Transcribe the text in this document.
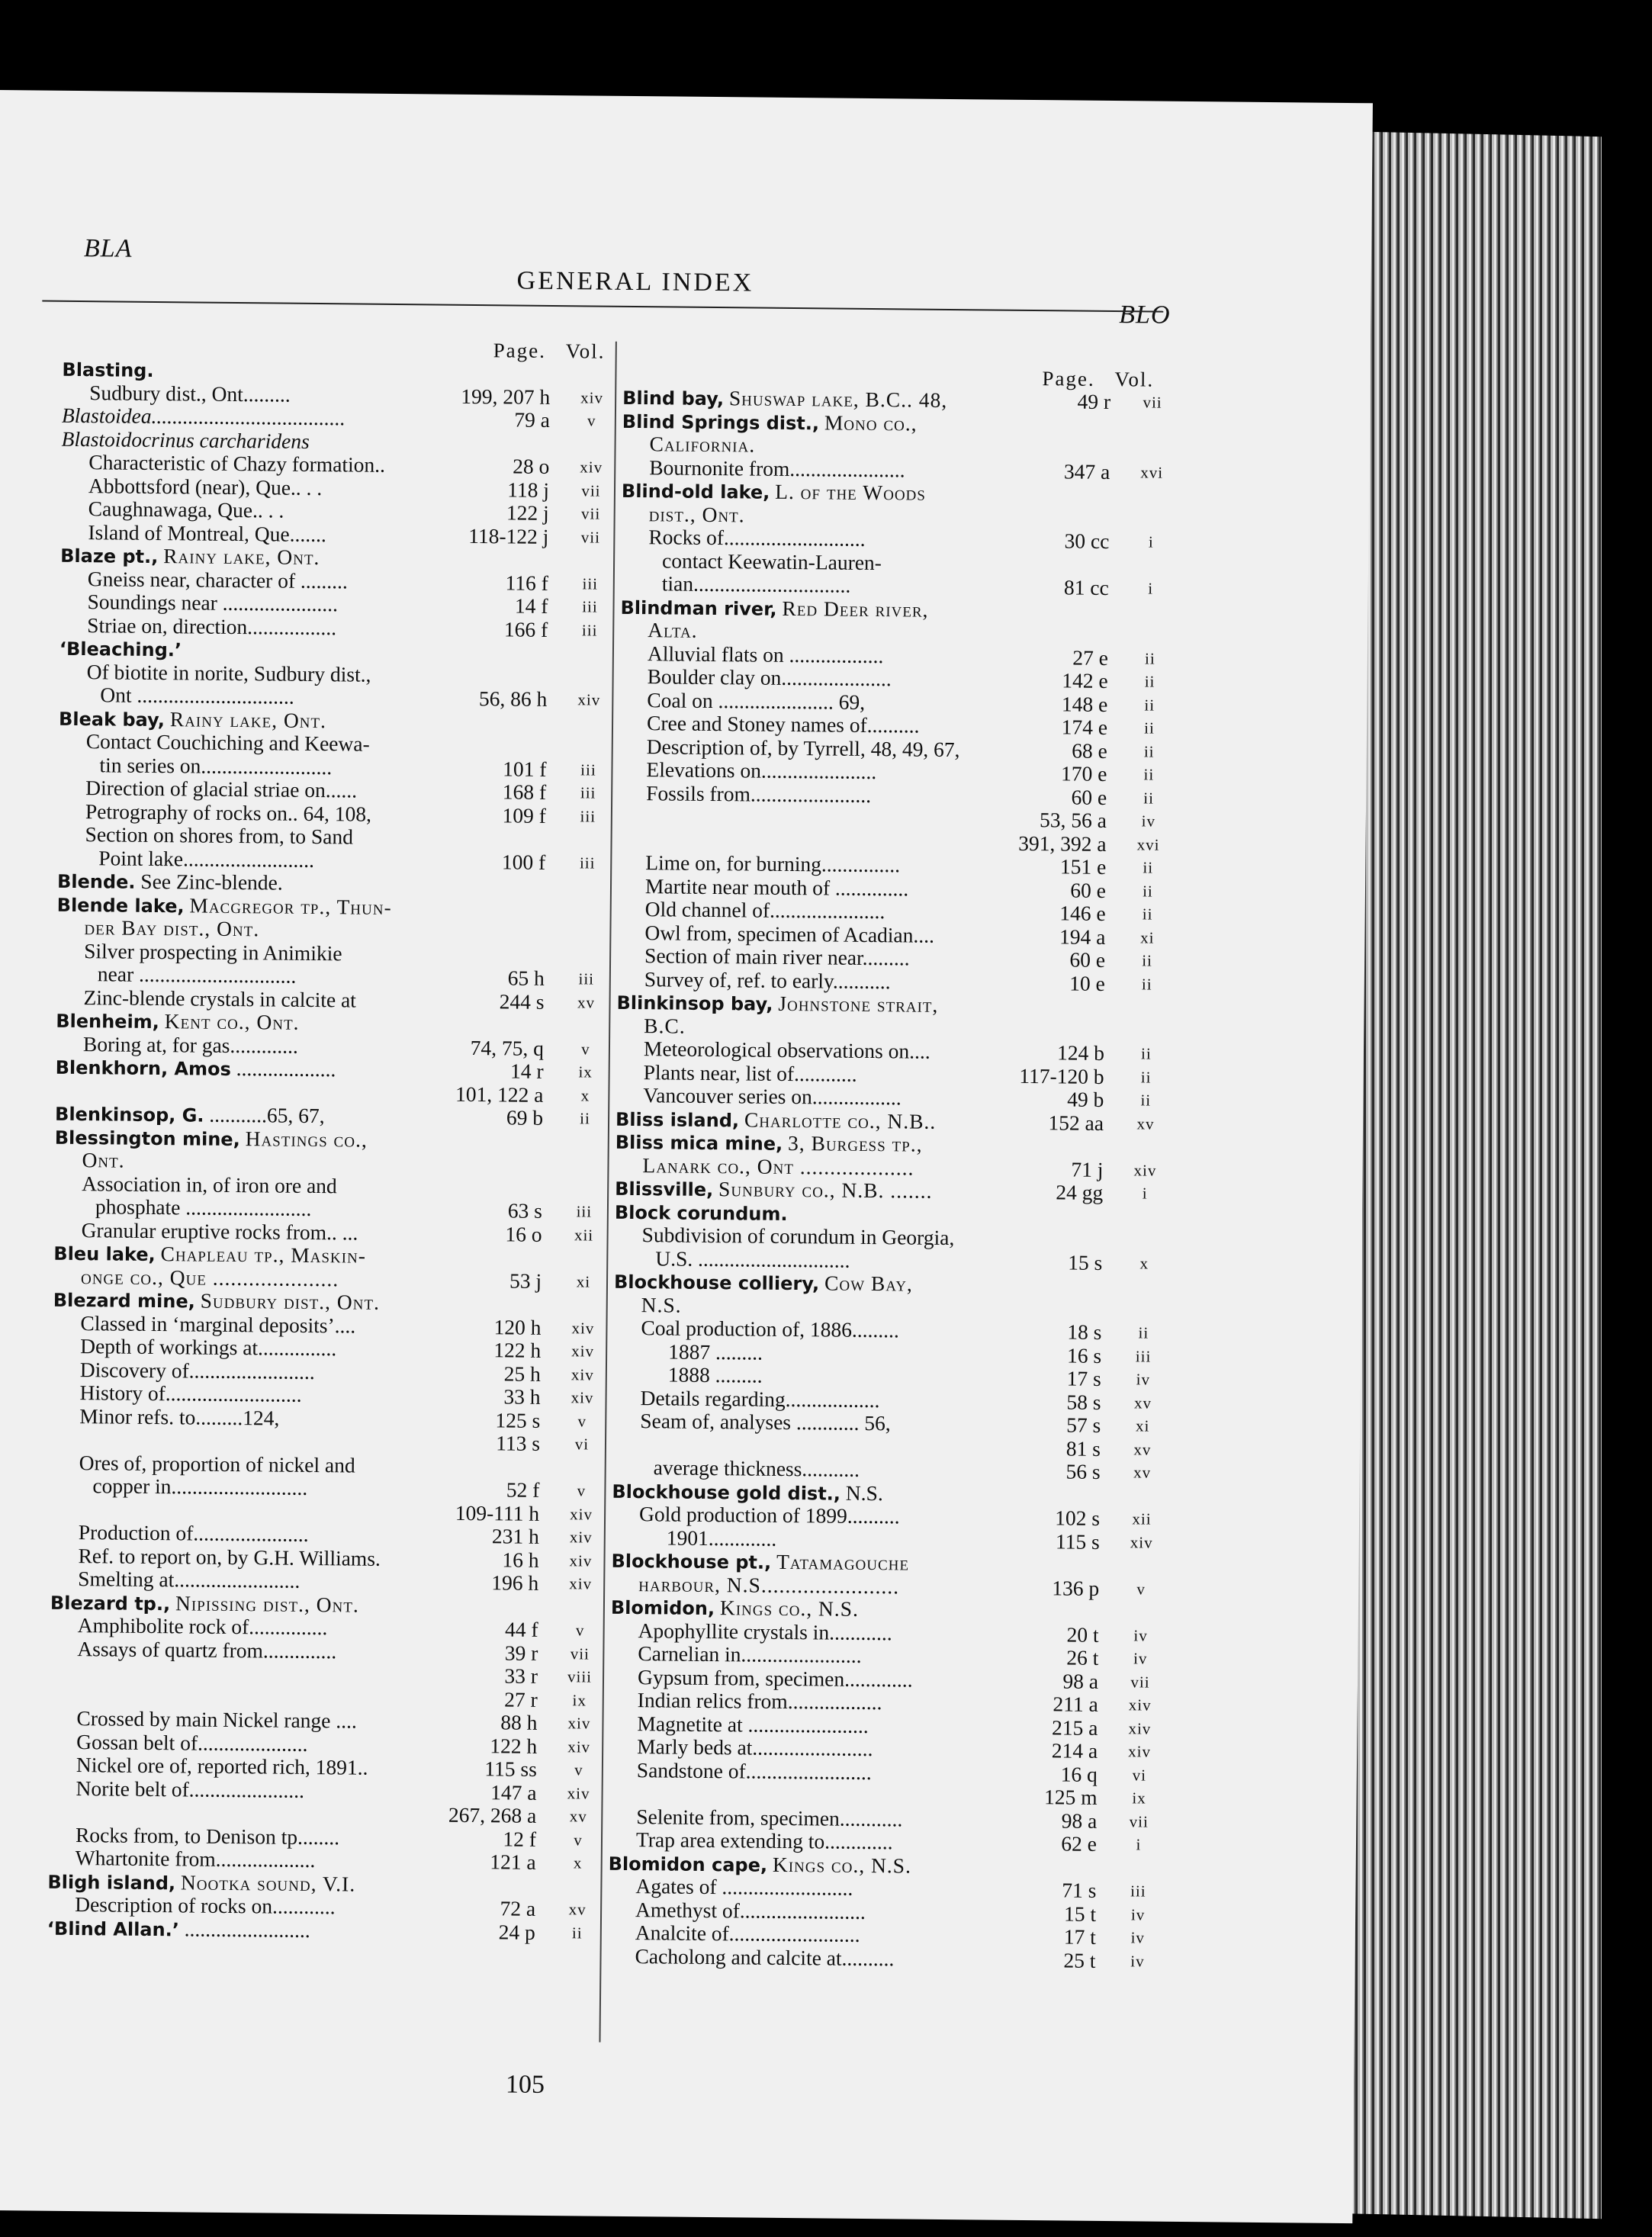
BLA
GENERAL INDEX
BLO
Page. Vol.
Page. Vol.
Blasting.
Sudbury dist., Ont.........	199, 207 h	xiv
Blastoidea.....................................	79 a	v
Blastoidocrinus carcharidens
Characteristic of Chazy formation..	28 o	xiv
Abbottsford (near), Que.. . .	118 j	vii
Caughnawaga, Que.. . .	122 j	vii
Island of Montreal, Que.......	118-122 j	vii
Blaze pt., Rainy lake, Ont.
Gneiss near, character of .........	116 f	iii
Soundings near ......................	14 f	iii
Striae on, direction.................	166 f	iii
‘Bleaching.’
Of biotite in norite, Sudbury dist.,
Ont ..............................	56, 86 h	xiv
Bleak bay, Rainy lake, Ont.
Contact Couchiching and Keewa-
tin series on.........................	101 f	iii
Direction of glacial striae on......	168 f	iii
Petrography of rocks on.. 64, 108,	109 f	iii
Section on shores from, to Sand
Point lake.........................	100 f	iii
Blende. See Zinc-blende.
Blende lake, Macgregor tp., Thun-
der Bay dist., Ont.
Silver prospecting in Animikie
near ..............................	65 h	iii
Zinc-blende crystals in calcite at	244 s	xv
Blenheim, Kent co., Ont.
Boring at, for gas.............	74, 75, q	v
Blenkhorn, Amos ...................	14 r	ix
101, 122 a	x
Blenkinsop, G. ...........65, 67,	69 b	ii
Blessington mine, Hastings co.,
Ont.
Association in, of iron ore and
phosphate ........................	63 s	iii
Granular eruptive rocks from.. ...	16 o	xii
Bleu lake, Chapleau tp., Maskin-
onge co., Que .....................	53 j	xi
Blezard mine, Sudbury dist., Ont.
Classed in ‘marginal deposits’....	120 h	xiv
Depth of workings at...............	122 h	xiv
Discovery of........................	25 h	xiv
History of..........................	33 h	xiv
Minor refs. to.........124,	125 s	v
113 s	vi
Ores of, proportion of nickel and
copper in..........................	52 f	v
109-111 h	xiv
Production of......................	231 h	xiv
Ref. to report on, by G.H. Williams.	16 h	xiv
Smelting at........................	196 h	xiv
Blezard tp., Nipissing dist., Ont.
Amphibolite rock of...............	44 f	v
Assays of quartz from..............	39 r	vii
33 r	viii
27 r	ix
Crossed by main Nickel range ....	88 h	xiv
Gossan belt of.....................	122 h	xiv
Nickel ore of, reported rich, 1891..	115 ss	v
Norite belt of......................	147 a	xiv
267, 268 a	xv
Rocks from, to Denison tp........	12 f	v
Whartonite from...................	121 a	x
Bligh island, Nootka sound, V.I.
Description of rocks on............	72 a	xv
‘Blind Allan.’ ........................	24 p	ii
Blind bay, Shuswap lake, B.C.. 48,	49 r	vii
Blind Springs dist., Mono co.,
California.
Bournonite from......................	347 a	xvi
Blind-old lake, L. of the Woods
dist., Ont.
Rocks of...........................	30 cc	i
contact Keewatin-Lauren-
tian..............................	81 cc	i
Blindman river, Red Deer river,
Alta.
Alluvial flats on ..................	27 e	ii
Boulder clay on.....................	142 e	ii
Coal on ...................... 69,	148 e	ii
Cree and Stoney names of..........	174 e	ii
Description of, by Tyrrell, 48, 49, 67,	68 e	ii
Elevations on......................	170 e	ii
Fossils from.......................	60 e	ii
53, 56 a	iv
391, 392 a	xvi
Lime on, for burning...............	151 e	ii
Martite near mouth of ..............	60 e	ii
Old channel of......................	146 e	ii
Owl from, specimen of Acadian....	194 a	xi
Section of main river near.........	60 e	ii
Survey of, ref. to early...........	10 e	ii
Blinkinsop bay, Johnstone strait,
B.C.
Meteorological observations on....	124 b	ii
Plants near, list of............	117-120 b	ii
Vancouver series on.................	49 b	ii
Bliss island, Charlotte co., N.B..	152 aa	xv
Bliss mica mine, 3, Burgess tp.,
Lanark co., Ont ...................	71 j	xiv
Blissville, Sunbury co., N.B. .......	24 gg	i
Block corundum.
Subdivision of corundum in Georgia,
U.S. .............................	15 s	x
Blockhouse colliery, Cow Bay,
N.S.
Coal production of, 1886.........	18 s	ii
1887 .........	16 s	iii
1888 .........	17 s	iv
Details regarding..................	58 s	xv
Seam of, analyses ............ 56,	57 s	xi
81 s	xv
average thickness...........	56 s	xv
Blockhouse gold dist., N.S.
Gold production of 1899..........	102 s	xii
1901.............	115 s	xiv
Blockhouse pt., Tatamagouche
harbour, N.S.......................	136 p	v
Blomidon, Kings co., N.S.
Apophyllite crystals in............	20 t	iv
Carnelian in.......................	26 t	iv
Gypsum from, specimen.............	98 a	vii
Indian relics from..................	211 a	xiv
Magnetite at .......................	215 a	xiv
Marly beds at.......................	214 a	xiv
Sandstone of........................	16 q	vi
125 m	ix
Selenite from, specimen............	98 a	vii
Trap area extending to.............	62 e	i
Blomidon cape, Kings co., N.S.
Agates of .........................	71 s	iii
Amethyst of........................	15 t	iv
Analcite of.........................	17 t	iv
Cacholong and calcite at..........	25 t	iv
105
